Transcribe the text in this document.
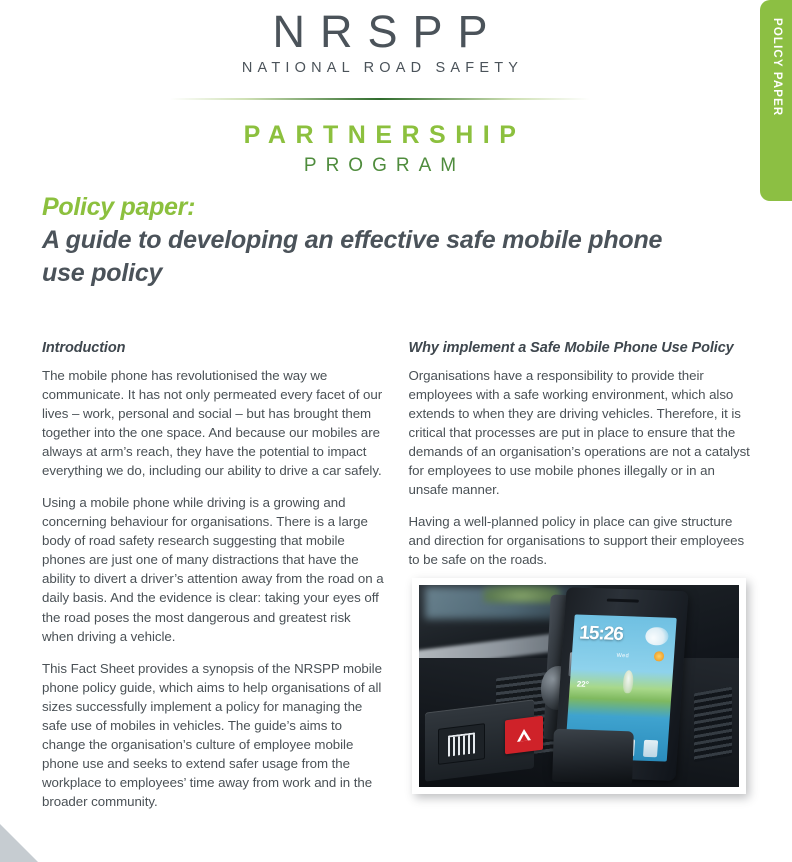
POLICY PAPER
NRSPP
NATIONAL ROAD SAFETY
PARTNERSHIP
PROGRAM
Policy paper:
A guide to developing an effective safe mobile phone use policy
Introduction

The mobile phone has revolutionised the way we communicate. It has not only permeated every facet of our lives – work, personal and social – but has brought them together into the one space. And because our mobiles are always at arm’s reach, they have the potential to impact everything we do, including our ability to drive a car safely.

Using a mobile phone while driving is a growing and concerning behaviour for organisations. There is a large body of road safety research suggesting that mobile phones are just one of many distractions that have the ability to divert a driver’s attention away from the road on a daily basis. And the evidence is clear: taking your eyes off the road poses the most dangerous and greatest risk when driving a vehicle.

This Fact Sheet provides a synopsis of the NRSPP mobile phone policy guide, which aims to help organisations of all sizes successfully implement a policy for managing the safe use of mobiles in vehicles. The guide’s aims to change the organisation’s culture of employee mobile phone use and seeks to extend safer usage from the workplace to employees’ time away from work and in the broader community.

Why implement a Safe Mobile Phone Use Policy

Organisations have a responsibility to provide their employees with a safe working environment, which also extends to when they are driving vehicles. Therefore, it is critical that processes are put in place to ensure that the demands of an organisation’s operations are not a catalyst for employees to use mobile phones illegally or in an unsafe manner.

Having a well-planned policy in place can give structure and direction for organisations to support their employees to be safe on the roads.

15:26
Wed
22°
